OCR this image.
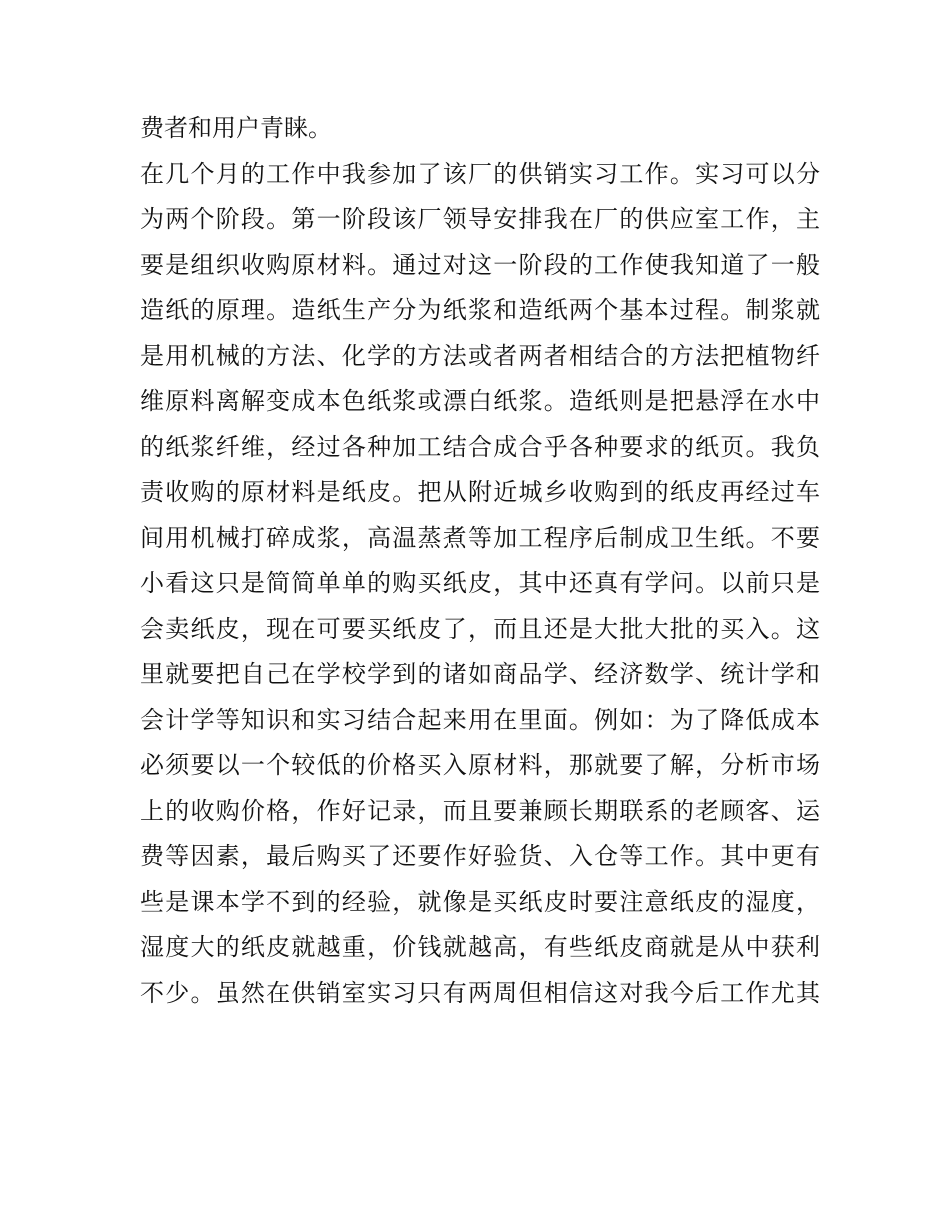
费者和用户青睐。
在几个月的工作中我参加了该厂的供销实习工作。实习可以分
为两个阶段。第一阶段该厂领导安排我在厂的供应室工作，主
要是组织收购原材料。通过对这一阶段的工作使我知道了一般
造纸的原理。造纸生产分为纸浆和造纸两个基本过程。制浆就
是用机械的方法、化学的方法或者两者相结合的方法把植物纤
维原料离解变成本色纸浆或漂白纸浆。造纸则是把悬浮在水中
的纸浆纤维，经过各种加工结合成合乎各种要求的纸页。我负
责收购的原材料是纸皮。把从附近城乡收购到的纸皮再经过车
间用机械打碎成浆，高温蒸煮等加工程序后制成卫生纸。不要
小看这只是简简单单的购买纸皮，其中还真有学问。以前只是
会卖纸皮，现在可要买纸皮了，而且还是大批大批的买入。这
里就要把自己在学校学到的诸如商品学、经济数学、统计学和
会计学等知识和实习结合起来用在里面。例如：为了降低成本
必须要以一个较低的价格买入原材料，那就要了解，分析市场
上的收购价格，作好记录，而且要兼顾长期联系的老顾客、运
费等因素，最后购买了还要作好验货、入仓等工作。其中更有
些是课本学不到的经验，就像是买纸皮时要注意纸皮的湿度，
湿度大的纸皮就越重，价钱就越高，有些纸皮商就是从中获利
不少。虽然在供销室实习只有两周但相信这对我今后工作尤其
